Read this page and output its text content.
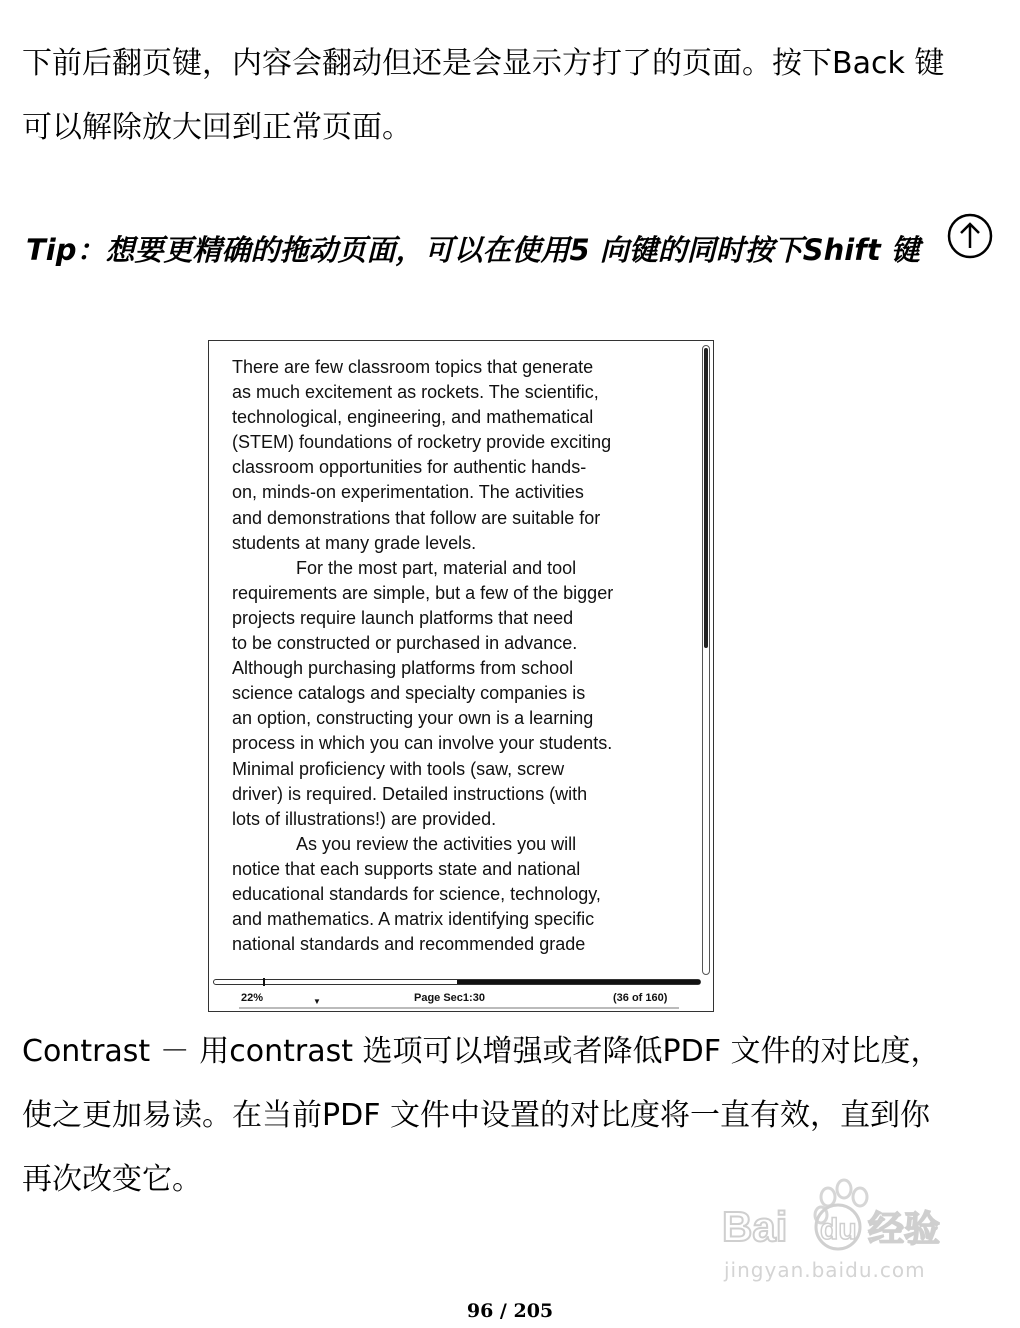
下前后翻页键，内容会翻动但还是会显示方打了的页面。按下Back 键
可以解除放大回到正常页面。
Tip：想要更精确的拖动页面，可以在使用5 向键的同时按下Shift 键
There are few classroom topics that generate
as much excitement as rockets. The scientific,
technological, engineering, and mathematical
(STEM) foundations of rocketry provide exciting
classroom opportunities for authentic hands-
on, minds-on experimentation. The activities
and demonstrations that follow are suitable for
students at many grade levels.
For the most part, material and tool
requirements are simple, but a few of the bigger
projects require launch platforms that need
to be constructed or purchased in advance.
Although purchasing platforms from school
science catalogs and specialty companies is
an option, constructing your own is a learning
process in which you can involve your students.
Minimal proficiency with tools (saw, screw
driver) is required. Detailed instructions (with
lots of illustrations!) are provided.
As you review the activities you will
notice that each supports state and national
educational standards for science, technology,
and mathematics. A matrix identifying specific
national standards and recommended grade
22%	▼	Page Sec1:30	(36 of 160)
Contrast － 用contrast 选项可以增强或者降低PDF 文件的对比度，
使之更加易读。在当前PDF 文件中设置的对比度将一直有效，直到你
再次改变它。
Bai du 经验
jingyan.baidu.com
96 / 205
